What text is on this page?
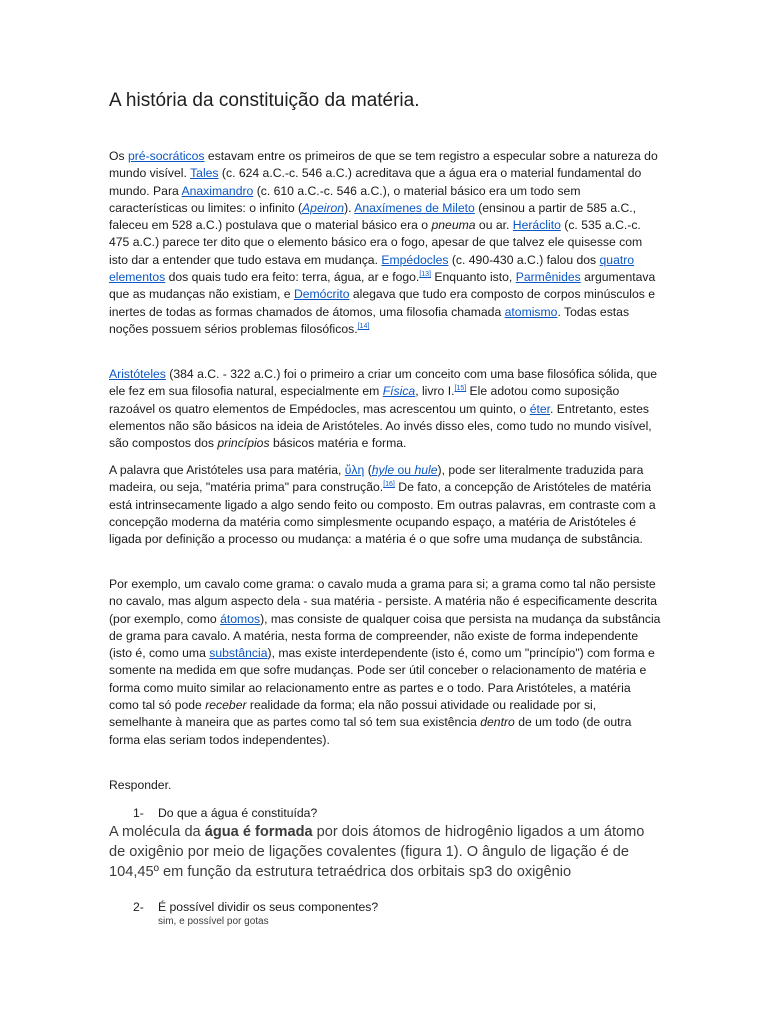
A história da constituição da matéria.

Os pré-socráticos estavam entre os primeiros de que se tem registro a especular sobre a natureza do mundo visível. Tales (c. 624 a.C.-c. 546 a.C.) acreditava que a água era o material fundamental do mundo. Para Anaximandro (c. 610 a.C.-c. 546 a.C.), o material básico era um todo sem características ou limites: o infinito (Apeiron). Anaxímenes de Mileto (ensinou a partir de 585 a.C., faleceu em 528 a.C.) postulava que o material básico era o pneuma ou ar. Heráclito (c. 535 a.C.-c. 475 a.C.) parece ter dito que o elemento básico era o fogo, apesar de que talvez ele quisesse com isto dar a entender que tudo estava em mudança. Empédocles (c. 490-430 a.C.) falou dos quatro elementos dos quais tudo era feito: terra, água, ar e fogo.[13] Enquanto isto, Parmênides argumentava que as mudanças não existiam, e Demócrito alegava que tudo era composto de corpos minúsculos e inertes de todas as formas chamados de átomos, uma filosofia chamada atomismo. Todas estas noções possuem sérios problemas filosóficos.[14]

Aristóteles (384 a.C. - 322 a.C.) foi o primeiro a criar um conceito com uma base filosófica sólida, que ele fez em sua filosofia natural, especialmente em Física, livro I.[15] Ele adotou como suposição razoável os quatro elementos de Empédocles, mas acrescentou um quinto, o éter. Entretanto, estes elementos não são básicos na ideia de Aristóteles. Ao invés disso eles, como tudo no mundo visível, são compostos dos princípios básicos matéria e forma.

A palavra que Aristóteles usa para matéria, ὕλη (hyle ou hule), pode ser literalmente traduzida para madeira, ou seja, "matéria prima" para construção.[16] De fato, a concepção de Aristóteles de matéria está intrinsecamente ligado a algo sendo feito ou composto. Em outras palavras, em contraste com a concepção moderna da matéria como simplesmente ocupando espaço, a matéria de Aristóteles é ligada por definição a processo ou mudança: a matéria é o que sofre uma mudança de substância.

Por exemplo, um cavalo come grama: o cavalo muda a grama para si; a grama como tal não persiste no cavalo, mas algum aspecto dela - sua matéria - persiste. A matéria não é especificamente descrita (por exemplo, como átomos), mas consiste de qualquer coisa que persista na mudança da substância de grama para cavalo. A matéria, nesta forma de compreender, não existe de forma independente (isto é, como uma substância), mas existe interdependente (isto é, como um "princípio") com forma e somente na medida em que sofre mudanças. Pode ser útil conceber o relacionamento de matéria e forma como muito similar ao relacionamento entre as partes e o todo. Para Aristóteles, a matéria como tal só pode receber realidade da forma; ela não possui atividade ou realidade por si, semelhante à maneira que as partes como tal só tem sua existência dentro de um todo (de outra forma elas seriam todos independentes).

Responder.

1- Do que a água é constituída?

A molécula da água é formada por dois átomos de hidrogênio ligados a um átomo de oxigênio por meio de ligações covalentes (figura 1). O ângulo de ligação é de 104,45º em função da estrutura tetraédrica dos orbitais sp3 do oxigênio

2- É possível dividir os seus componentes?

sim, e possível por gotas
